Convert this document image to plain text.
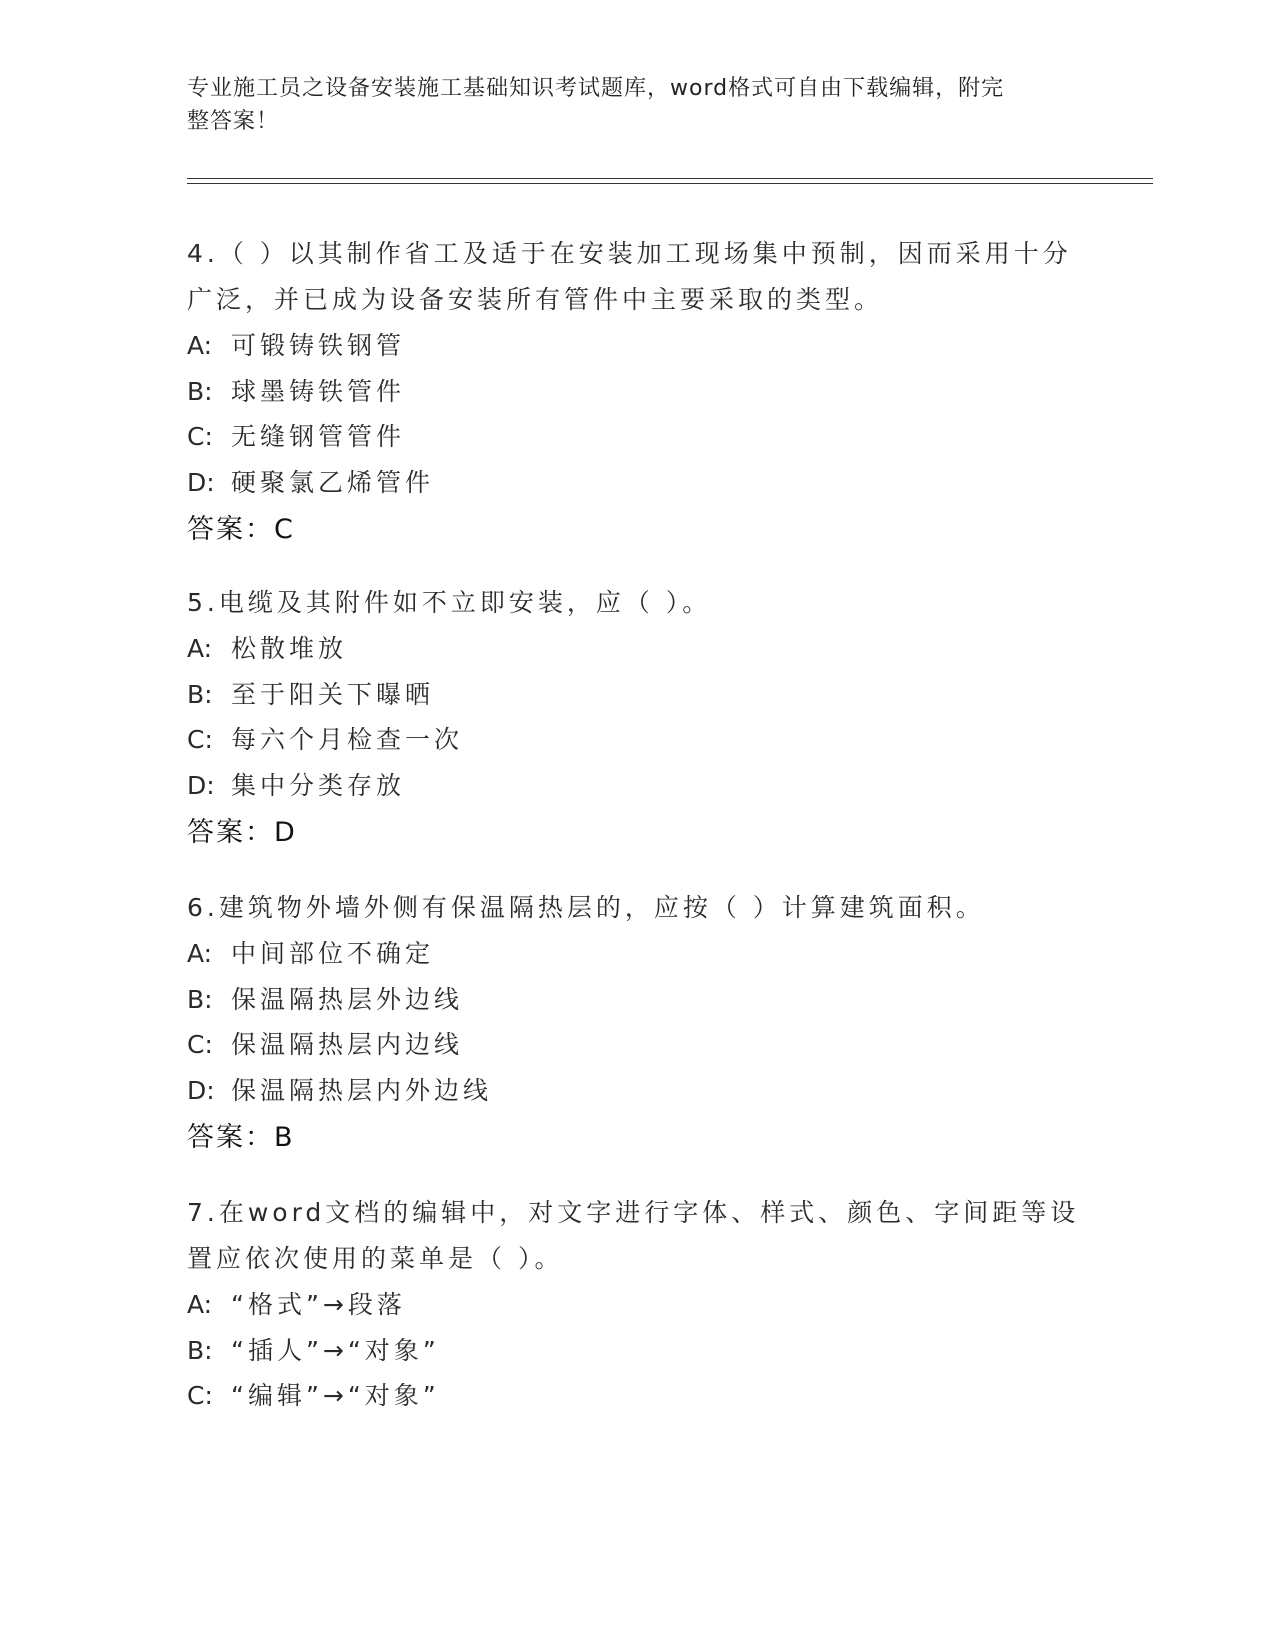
专业施工员之设备安装施工基础知识考试题库，word格式可自由下载编辑，附完
整答案！
4.（ ）以其制作省工及适于在安装加工现场集中预制，因而采用十分
广泛，并已成为设备安装所有管件中主要采取的类型。
A: 可锻铸铁钢管
B: 球墨铸铁管件
C: 无缝钢管管件
D: 硬聚氯乙烯管件
答案：C
5.电缆及其附件如不立即安装，应（ ）。
A: 松散堆放
B: 至于阳关下曝晒
C: 每六个月检查一次
D: 集中分类存放
答案：D
6.建筑物外墙外侧有保温隔热层的，应按（ ）计算建筑面积。
A: 中间部位不确定
B: 保温隔热层外边线
C: 保温隔热层内边线
D: 保温隔热层内外边线
答案：B
7.在word文档的编辑中，对文字进行字体、样式、颜色、字间距等设
置应依次使用的菜单是（ ）。
A: “格式”→段落
B: “插人”→“对象”
C: “编辑”→“对象”
